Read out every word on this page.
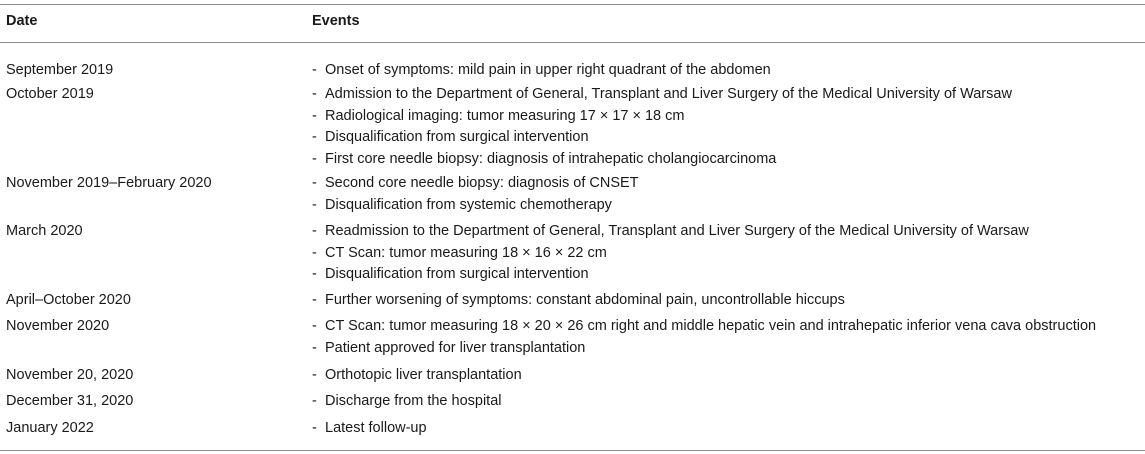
Date	Events
September 2019	- Onset of symptoms: mild pain in upper right quadrant of the abdomen
October 2019	- Admission to the Department of General, Transplant and Liver Surgery of the Medical University of Warsaw
- Radiological imaging: tumor measuring 17 × 17 × 18 cm
- Disqualification from surgical intervention
- First core needle biopsy: diagnosis of intrahepatic cholangiocarcinoma
November 2019–February 2020	- Second core needle biopsy: diagnosis of CNSET
- Disqualification from systemic chemotherapy
March 2020	- Readmission to the Department of General, Transplant and Liver Surgery of the Medical University of Warsaw
- CT Scan: tumor measuring 18 × 16 × 22 cm
- Disqualification from surgical intervention
April–October 2020	- Further worsening of symptoms: constant abdominal pain, uncontrollable hiccups
November 2020	- CT Scan: tumor measuring 18 × 20 × 26 cm right and middle hepatic vein and intrahepatic inferior vena cava obstruction
- Patient approved for liver transplantation
November 20, 2020	- Orthotopic liver transplantation
December 31, 2020	- Discharge from the hospital
January 2022	- Latest follow-up
